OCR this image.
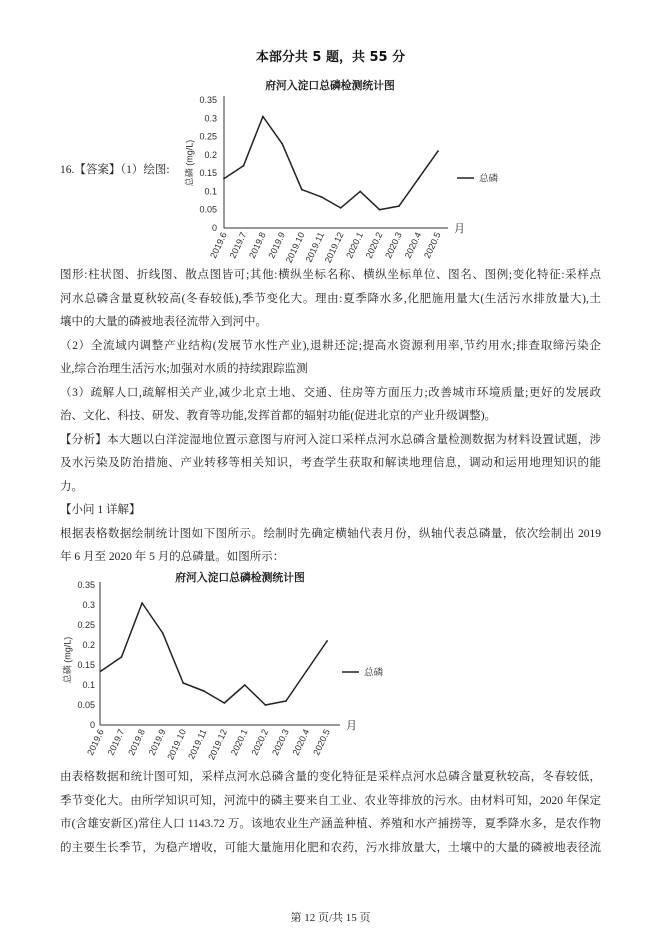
本部分共 5 题，共 55 分
府河入淀口总磷检测统计图
0.35
0.3
0.25
0.2
0.15
0.1
0.05
0
2019.6
2019.7
2019.8
2019.9
2019.10
2019.11
2019.12
2020.1
2020.2
2020.3
2020.4
2020.5
月
总磷 (mg/L)	总磷
16.【答案】（1）绘图:
图形:柱状图、折线图、散点图皆可;其他:横纵坐标名称、横纵坐标单位、图名、图例;变化特征:采样点
河水总磷含量夏秋较高(冬春较低),季节变化大。理由:夏季降水多,化肥施用量大(生活污水排放量大),土
壤中的大量的磷被地表径流带入到河中。
（2）全流域内调整产业结构(发展节水性产业),退耕还淀;提高水资源利用率,节约用水;排查取缔污染企
业,综合治理生活污水;加强对水质的持续跟踪监测
（3）疏解人口,疏解相关产业,减少北京土地、交通、住房等方面压力;改善城市环境质量;更好的发展政
治、文化、科技、研发、教育等功能,发挥首都的辐射功能(促进北京的产业升级调整)。
【分析】本大题以白洋淀湿地位置示意图与府河入淀口采样点河水总磷含量检测数据为材料设置试题，涉
及水污染及防治措施、产业转移等相关知识，考查学生获取和解读地理信息，调动和运用地理知识的能
力。
【小问 1 详解】
根据表格数据绘制统计图如下图所示。绘制时先确定横轴代表月份，纵轴代表总磷量，依次绘制出 2019
年 6 月至 2020 年 5 月的总磷量。如图所示：
府河入淀口总磷检测统计图
0.35
0.3
0.25
0.2
0.15
0.1
0.05
0
2019.6 2019.7 2019.8 2019.9
2019.10
2019.11
2019.12 2020.1 2020.2 2020.3 2020.4 2020.5
月
总磷 (mg/L)	总磷
由表格数据和统计图可知，采样点河水总磷含量的变化特征是采样点河水总磷含量夏秋较高，冬春较低，
季节变化大。由所学知识可知，河流中的磷主要来自工业、农业等排放的污水。由材料可知，2020 年保定
市(含雄安新区)常住人口 1143.72 万。该地农业生产涵盖种植、养殖和水产捕捞等，夏季降水多，是农作物
的主要生长季节，为稳产增收，可能大量施用化肥和农药，污水排放量大，土壤中的大量的磷被地表径流
第 12 页/共 15 页
